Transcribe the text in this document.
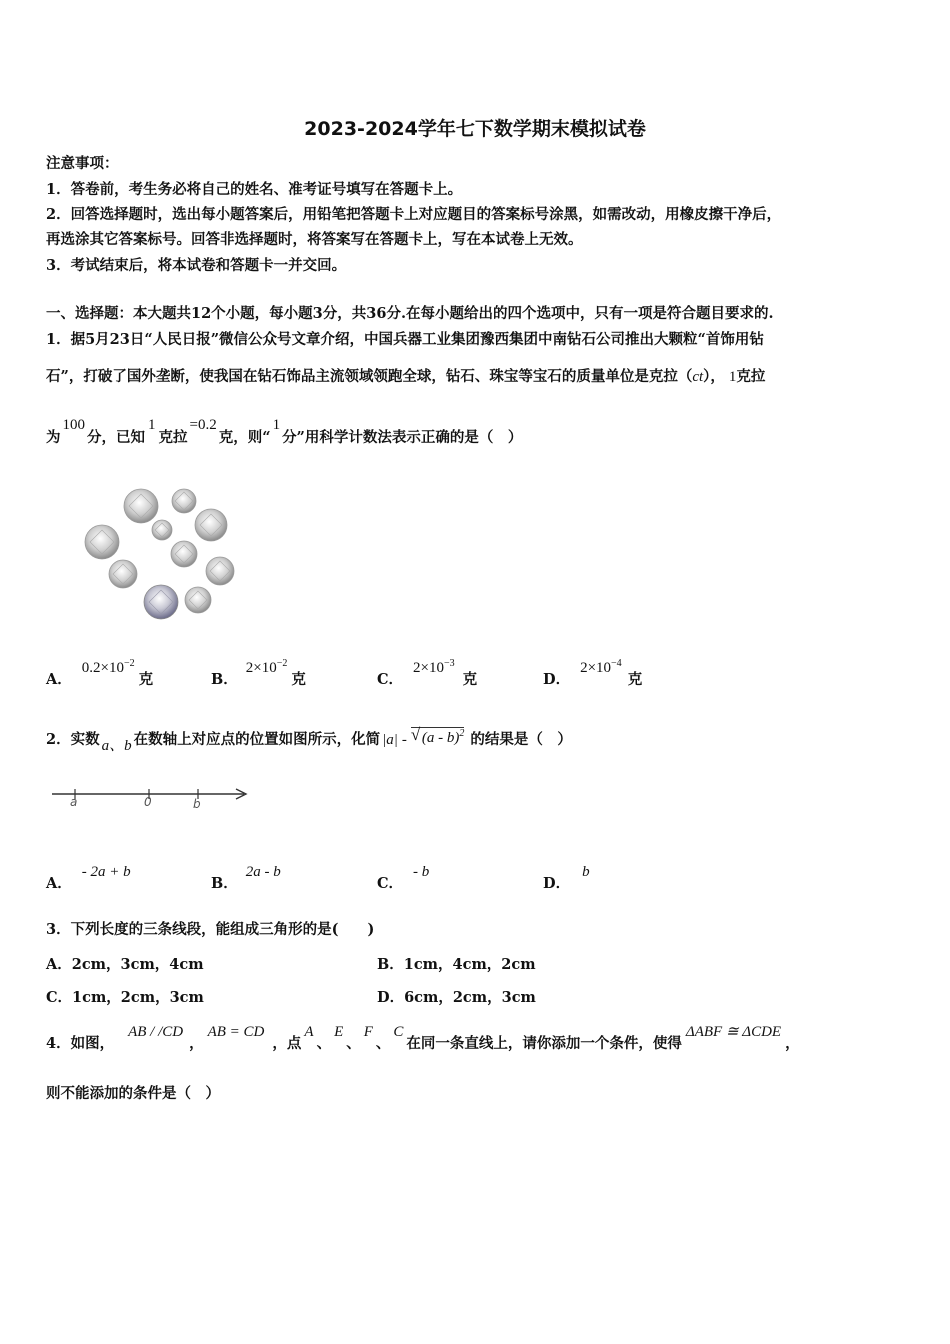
2023-2024学年七下数学期末模拟试卷
注意事项：
1．答卷前，考生务必将自己的姓名、准考证号填写在答题卡上。
2．回答选择题时，选出每小题答案后，用铅笔把答题卡上对应题目的答案标号涂黑，如需改动，用橡皮擦干净后，
再选涂其它答案标号。回答非选择题时，将答案写在答题卡上，写在本试卷上无效。
3．考试结束后，将本试卷和答题卡一并交回。
一、选择题：本大题共12个小题，每小题3分，共36分.在每小题给出的四个选项中，只有一项是符合题目要求的.
1．据5月23日“人民日报”微信公众号文章介绍，中国兵器工业集团豫西集团中南钻石公司推出大颗粒“首饰用钻
石”，打破了国外垄断，使我国在钻石饰品主流领域领跑全球，钻石、珠宝等宝石的质量单位是克拉（ct）， 1克拉
为100分，已知1克拉=0.2克，则“1分”用科学计数法表示正确的是（　）
A．$0.2\times 10^{-2}$克	B．$2\times 10^{-2}$克	C．$2\times 10^{-3}$克	D．$2\times 10^{-4}$克
2．实数 a、b 在数轴上对应点的位置如图所示，化简 |a| - √ (a - b)$^2$ 的结果是（　）
a	0	b
A．- 2a + b
B．2a - b
C．- b
D．b
3．下列长度的三条线段，能组成三角形的是(　　)
A．2cm，3cm，4cm
C．1cm，2cm，3cm
B．1cm，4cm，2cm
D．6cm，2cm，3cm
4．如图，AB / /CD，AB = CD，点A、E、F、C在同一条直线上，请你添加一个条件，使得ΔABF ≅ ΔCDE，
则不能添加的条件是（　）
